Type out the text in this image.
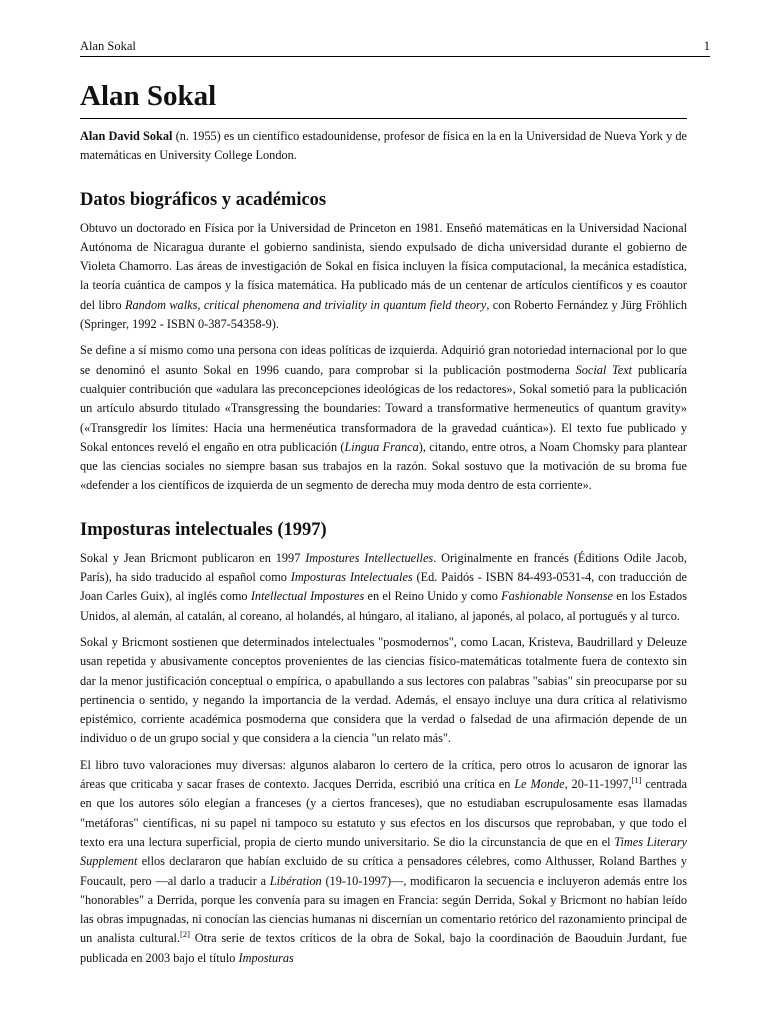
Alan Sokal	1
Alan Sokal

Alan David Sokal (n. 1955) es un científico estadounidense, profesor de física en la en la Universidad de Nueva York y de matemáticas en University College London.

Datos biográficos y académicos

Obtuvo un doctorado en Física por la Universidad de Princeton en 1981. Enseñó matemáticas en la Universidad Nacional Autónoma de Nicaragua durante el gobierno sandinista, siendo expulsado de dicha universidad durante el gobierno de Violeta Chamorro. Las áreas de investigación de Sokal en física incluyen la física computacional, la mecánica estadística, la teoría cuántica de campos y la física matemática. Ha publicado más de un centenar de artículos científicos y es coautor del libro Random walks, critical phenomena and triviality in quantum field theory, con Roberto Fernández y Jürg Fröhlich (Springer, 1992 - ISBN 0-387-54358-9).

Se define a sí mismo como una persona con ideas políticas de izquierda. Adquirió gran notoriedad internacional por lo que se denominó el asunto Sokal en 1996 cuando, para comprobar si la publicación postmoderna Social Text publicaría cualquier contribución que «adulara las preconcepciones ideológicas de los redactores», Sokal sometió para la publicación un artículo absurdo titulado «Transgressing the boundaries: Toward a transformative hermeneutics of quantum gravity» («Transgredir los límites: Hacia una hermenéutica transformadora de la gravedad cuántica»). El texto fue publicado y Sokal entonces reveló el engaño en otra publicación (Lingua Franca), citando, entre otros, a Noam Chomsky para plantear que las ciencias sociales no siempre basan sus trabajos en la razón. Sokal sostuvo que la motivación de su broma fue «defender a los científicos de izquierda de un segmento de derecha muy moda dentro de esta corriente».

Imposturas intelectuales (1997)

Sokal y Jean Bricmont publicaron en 1997 Impostures Intellectuelles. Originalmente en francés (Éditions Odile Jacob, París), ha sido traducido al español como Imposturas Intelectuales (Ed. Paidós - ISBN 84-493-0531-4, con traducción de Joan Carles Guix), al inglés como Intellectual Impostures en el Reino Unido y como Fashionable Nonsense en los Estados Unidos, al alemán, al catalán, al coreano, al holandés, al húngaro, al italiano, al japonés, al polaco, al portugués y al turco.

Sokal y Bricmont sostienen que determinados intelectuales "posmodernos", como Lacan, Kristeva, Baudrillard y Deleuze usan repetida y abusivamente conceptos provenientes de las ciencias físico-matemáticas totalmente fuera de contexto sin dar la menor justificación conceptual o empírica, o apabullando a sus lectores con palabras "sabias" sin preocuparse por su pertinencia o sentido, y negando la importancia de la verdad. Además, el ensayo incluye una dura crítica al relativismo epistémico, corriente académica posmoderna que considera que la verdad o falsedad de una afirmación depende de un individuo o de un grupo social y que considera a la ciencia "un relato más".

El libro tuvo valoraciones muy diversas: algunos alabaron lo certero de la crítica, pero otros lo acusaron de ignorar las áreas que criticaba y sacar frases de contexto. Jacques Derrida, escribió una crítica en Le Monde, 20-11-1997,[1] centrada en que los autores sólo elegían a franceses (y a ciertos franceses), que no estudiaban escrupulosamente esas llamadas "metáforas" científicas, ni su papel ni tampoco su estatuto y sus efectos en los discursos que reprobaban, y que todo el texto era una lectura superficial, propia de cierto mundo universitario. Se dio la circunstancia de que en el Times Literary Supplement ellos declararon que habían excluido de su crítica a pensadores célebres, como Althusser, Roland Barthes y Foucault, pero —al darlo a traducir a Libération (19-10-1997)—, modificaron la secuencia e incluyeron además entre los "honorables" a Derrida, porque les convenía para su imagen en Francia: según Derrida, Sokal y Bricmont no habían leído las obras impugnadas, ni conocían las ciencias humanas ni discernían un comentario retórico del razonamiento principal de un analista cultural.[2] Otra serie de textos críticos de la obra de Sokal, bajo la coordinación de Baouduin Jurdant, fue publicada en 2003 bajo el título Imposturas
